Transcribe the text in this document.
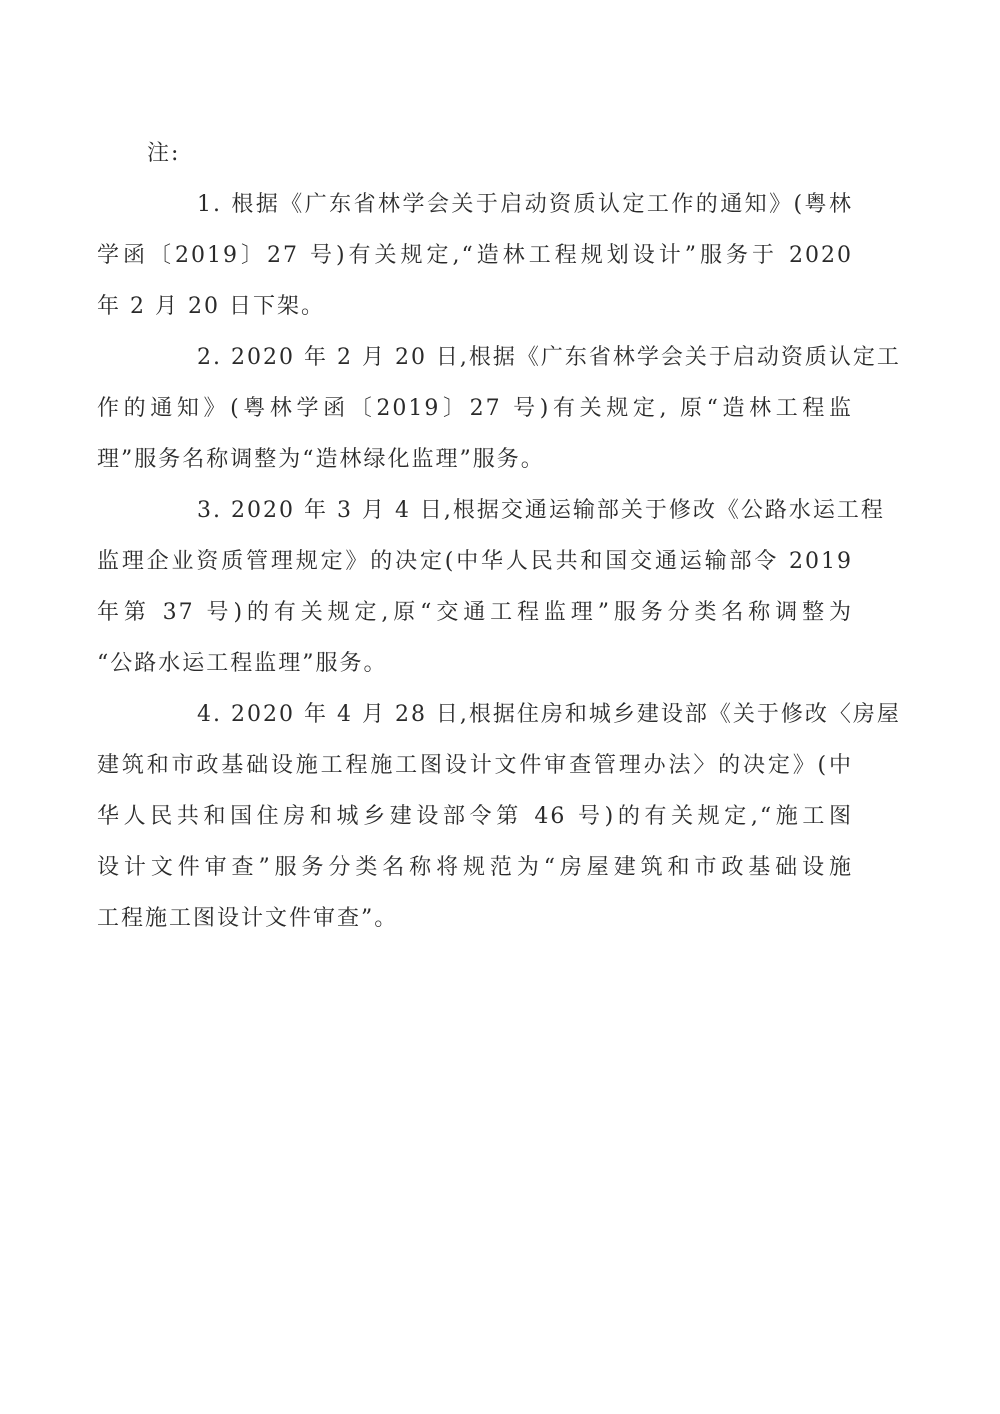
注:

1. 根据《广东省林学会关于启动资质认定工作的通知》(粤林
学函〔2019〕27 号)有关规定,“造林工程规划设计”服务于 2020
年 2 月 20 日下架。

2. 2020 年 2 月 20 日,根据《广东省林学会关于启动资质认定工
作的通知》(粤林学函〔2019〕27 号)有关规定, 原“造林工程监
理”服务名称调整为“造林绿化监理”服务。

3. 2020 年 3 月 4 日,根据交通运输部关于修改《公路水运工程
监理企业资质管理规定》的决定(中华人民共和国交通运输部令 2019
年第 37 号)的有关规定,原“交通工程监理”服务分类名称调整为
“公路水运工程监理”服务。

4. 2020 年 4 月 28 日,根据住房和城乡建设部《关于修改〈房屋
建筑和市政基础设施工程施工图设计文件审查管理办法〉的决定》(中
华人民共和国住房和城乡建设部令第 46 号)的有关规定,“施工图
设计文件审查”服务分类名称将规范为“房屋建筑和市政基础设施
工程施工图设计文件审查”。
